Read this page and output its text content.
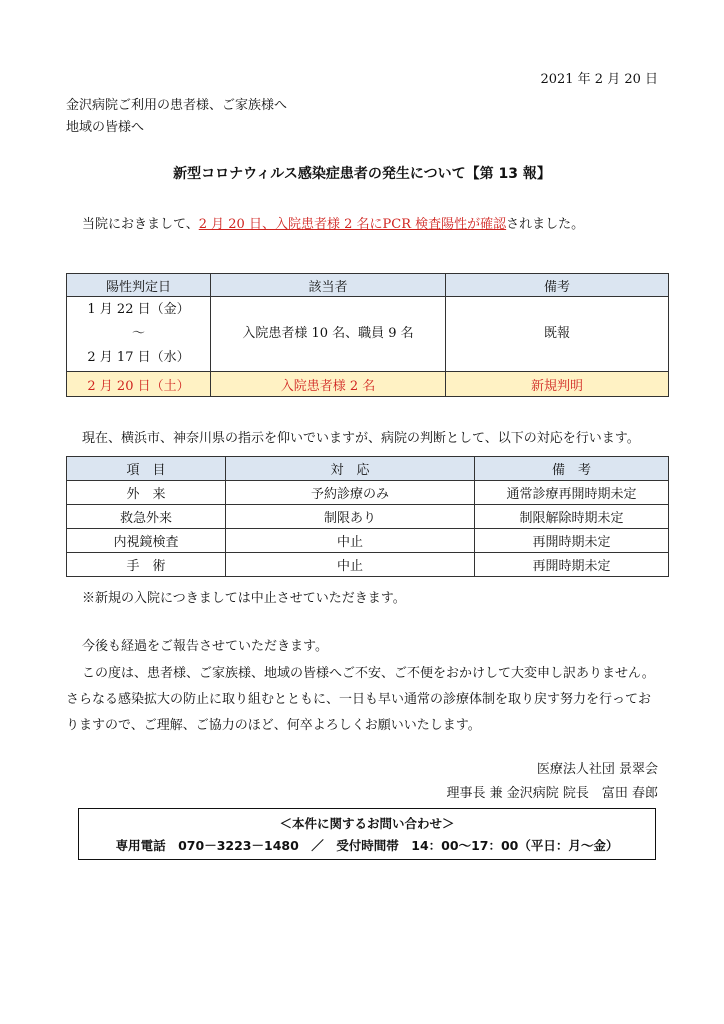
2021 年 2 月 20 日
金沢病院ご利用の患者様、ご家族様へ
地域の皆様へ
新型コロナウィルス感染症患者の発生について【第 13 報】
当院におきまして、2 月 20 日、入院患者様 2 名にPCR 検査陽性が確認されました。
陽性判定日	該当者	備考

1 月 22 日（金）
～
2 月 17 日（水）	入院患者様 10 名、職員 9 名	既報
2 月 20 日（土）	入院患者様 2 名	新規判明
現在、横浜市、神奈川県の指示を仰いでいますが、病院の判断として、以下の対応を行います。
項　目	対　応	備　考
外　来	予約診療のみ	通常診療再開時期未定
救急外来	制限あり	制限解除時期未定
内視鏡検査	中止	再開時期未定
手　術	中止	再開時期未定
※新規の入院につきましては中止させていただきます。
今後も経過をご報告させていただきます。
この度は、患者様、ご家族様、地域の皆様へご不安、ご不便をおかけして大変申し訳ありません。さらなる感染拡大の防止に取り組むとともに、一日も早い通常の診療体制を取り戻す努力を行っておりますので、ご理解、ご協力のほど、何卒よろしくお願いいたします。
医療法人社団 景翠会
理事長 兼 金沢病院 院長　富田 春郎
＜本件に関するお問い合わせ＞
専用電話　070－3223－1480　／　受付時間帯　14：00～17：00（平日：月～金）
